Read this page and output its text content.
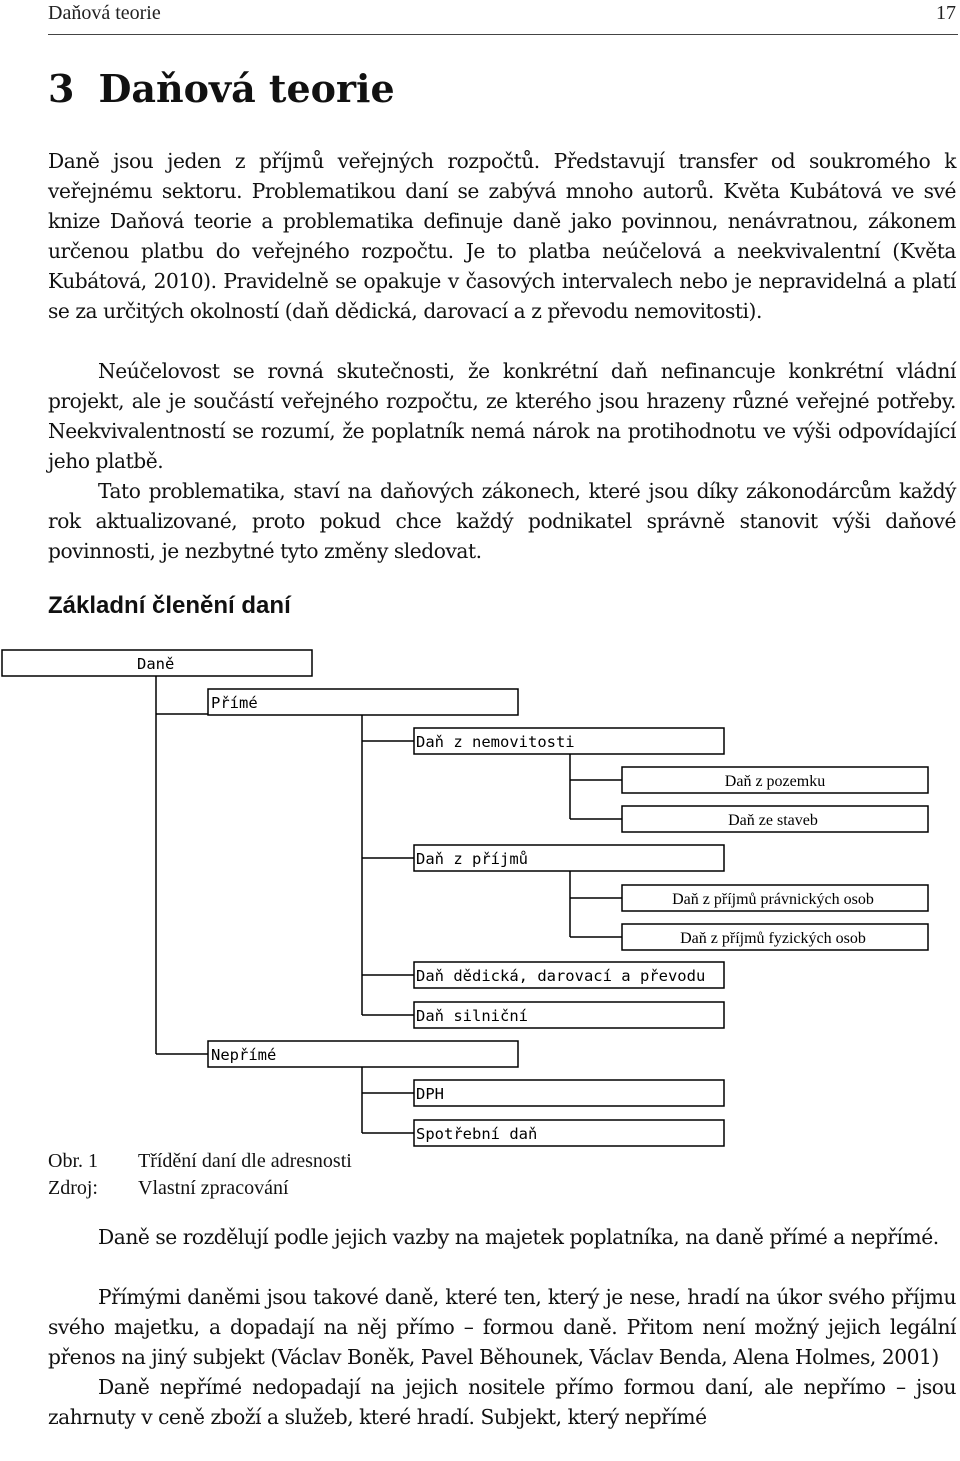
Daňová teorie	17
3 Daňová teorie

Daně jsou jeden z příjmů veřejných rozpočtů. Představují transfer od soukromého k veřejnému sektoru. Problematikou daní se zabývá mnoho autorů. Květa Kubátová ve své knize Daňová teorie a problematika definuje daně jako povinnou, nenávratnou, zákonem určenou platbu do veřejného rozpočtu. Je to platba neúčelová a neekvivalentní (Květa Kubátová, 2010). Pravidelně se opakuje v časových intervalech nebo je nepravidelná a platí se za určitých okolností (daň dědická, darovací a z převodu nemovitosti).

Neúčelovost se rovná skutečnosti, že konkrétní daň nefinancuje konkrétní vládní projekt, ale je součástí veřejného rozpočtu, ze kterého jsou hrazeny různé veřejné potřeby. Neekvivalentností se rozumí, že poplatník nemá nárok na protihodnotu ve výši odpovídající jeho platbě.

Tato problematika, staví na daňových zákonech, které jsou díky zákonodárcům každý rok aktualizované, proto pokud chce každý podnikatel správně stanovit výši daňové povinnosti, je nezbytné tyto změny sledovat.

Základní členění daní
Daně
Přímé
Daň z nemovitosti
Daň z pozemku
Daň ze staveb
Daň z příjmů
Daň z příjmů právnických osob
Daň z příjmů fyzických osob
Daň dědická, darovací a převodu
Daň silniční
Nepřímé
DPH
Spotřební daň
Obr. 1 Třídění daní dle adresnosti
Zdroj: Vlastní zpracování

Daně se rozdělují podle jejich vazby na majetek poplatníka, na daně přímé a nepřímé.

Přímými daněmi jsou takové daně, které ten, který je nese, hradí na úkor svého příjmu svého majetku, a dopadají na něj přímo – formou daně. Přitom není možný jejich legální přenos na jiný subjekt (Václav Boněk, Pavel Běhounek, Václav Benda, Alena Holmes, 2001)

Daně nepřímé nedopadají na jejich nositele přímo formou daní, ale nepřímo – jsou zahrnuty v ceně zboží a služeb, které hradí. Subjekt, který nepřímé
